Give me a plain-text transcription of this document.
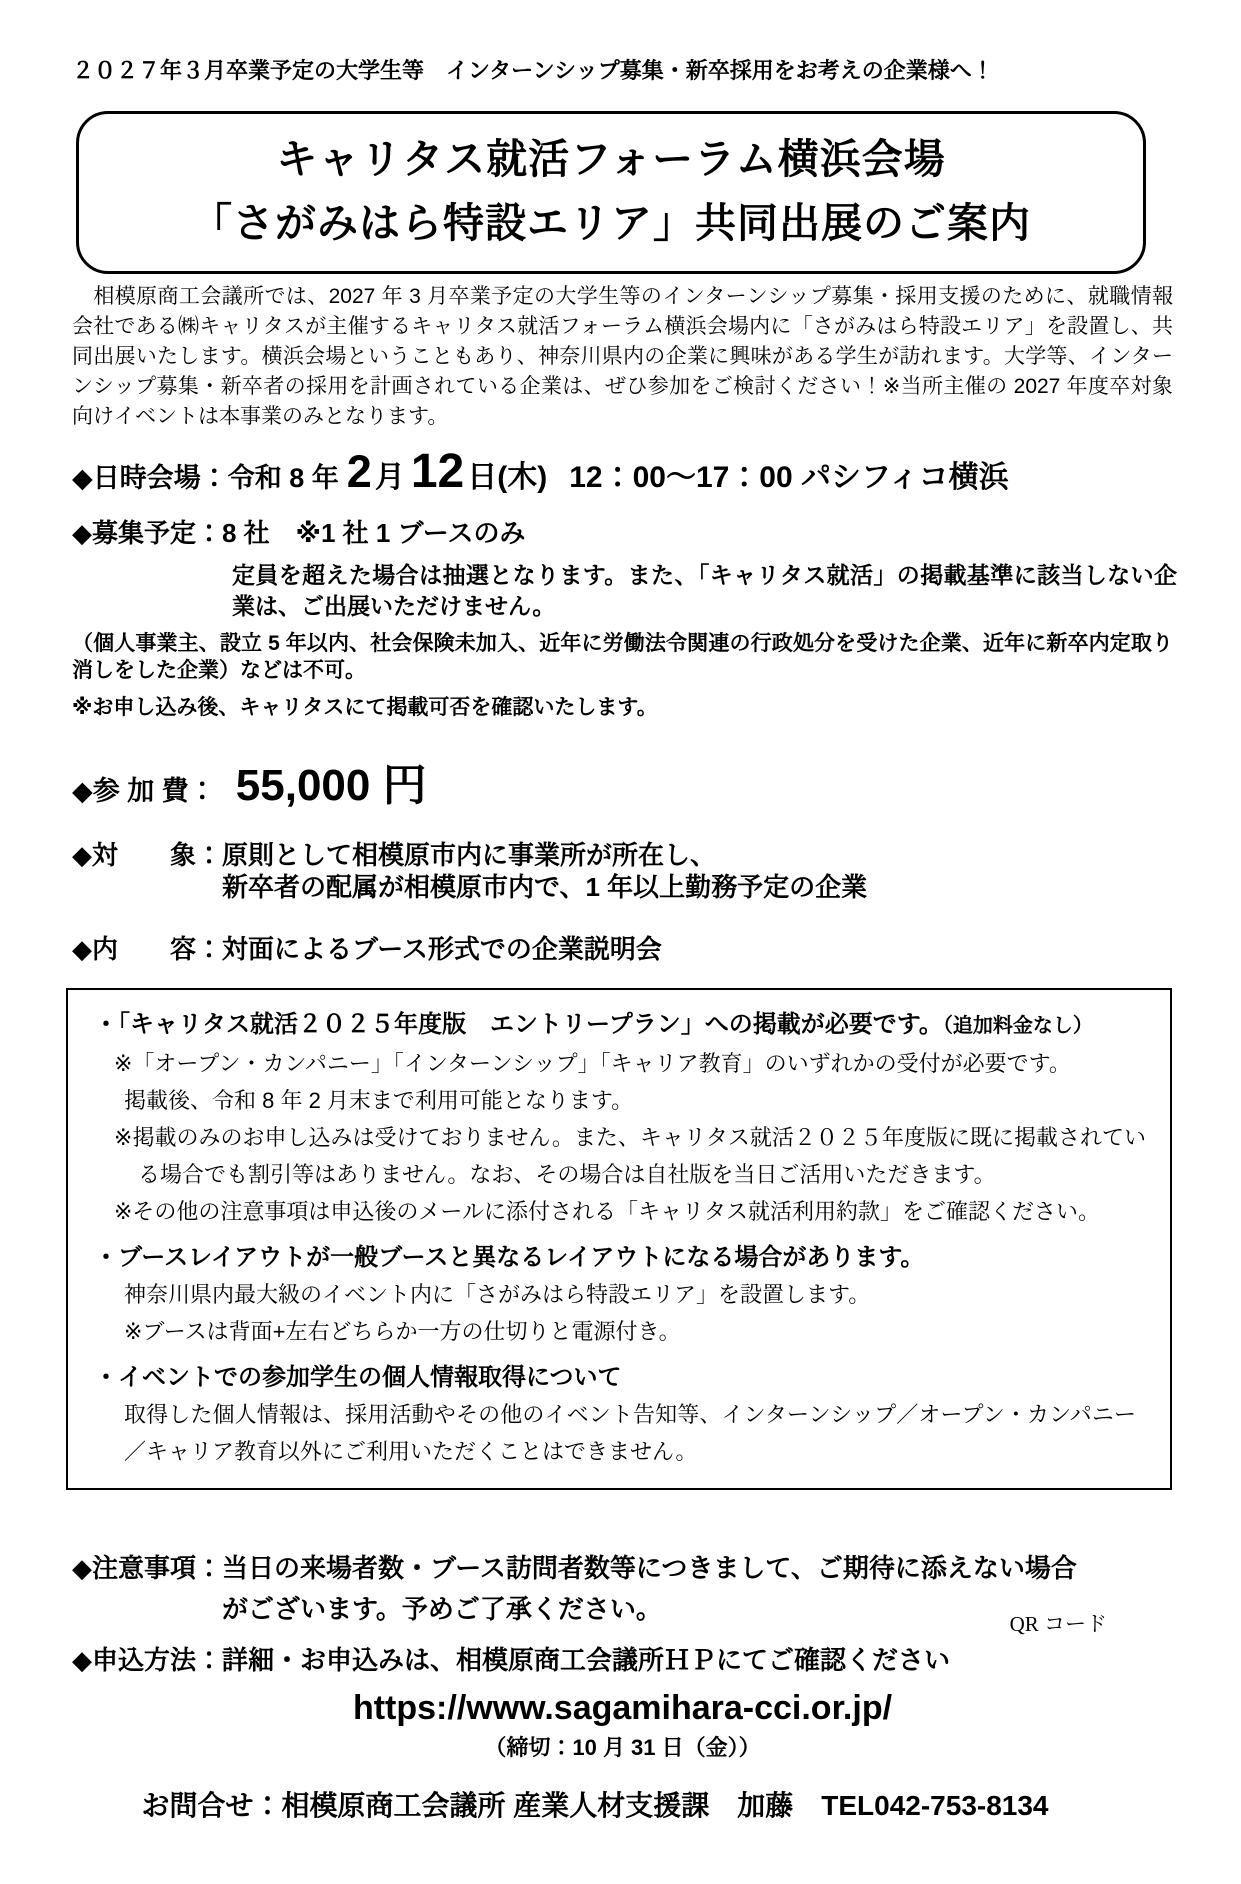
２０２７年３月卒業予定の大学生等　インターンシップ募集・新卒採用をお考えの企業様へ！

キャリタス就活フォーラム横浜会場
「さがみはら特設エリア」共同出展のご案内

　相模原商工会議所では、2027 年 3 月卒業予定の大学生等のインターンシップ募集・採用支援のために、就職情報会社である㈱キャリタスが主催するキャリタス就活フォーラム横浜会場内に「さがみはら特設エリア」を設置し、共同出展いたします。横浜会場ということもあり、神奈川県内の企業に興味がある学生が訪れます。大学等、インターンシップ募集・新卒者の採用を計画されている企業は、ぜひ参加をご検討ください！※当所主催の 2027 年度卒対象向けイベントは本事業のみとなります。

◆日時会場：令和 8 年 2 月 12 日(木) 12：00～17：00 パシフィコ横浜

◆募集予定：8 社　※1 社 1 ブースのみ

定員を超えた場合は抽選となります。また、「キャリタス就活」の掲載基準に該当しない企業は、ご出展いただけません。

（個人事業主、設立 5 年以内、社会保険未加入、近年に労働法令関連の行政処分を受けた企業、近年に新卒内定取り消しをした企業）などは不可。

※お申し込み後、キャリタスにて掲載可否を確認いたします。

◆参 加 費： 55,000 円
◆対　　象： 原則として相模原市内に事業所が所在し、
新卒者の配属が相模原市内で、1 年以上勤務予定の企業
◆内　　容： 対面によるブース形式での企業説明会

・「キャリタス就活２０２５年度版　エントリープラン」への掲載が必要です。（追加料金なし）

※「オープン・カンパニー」「インターンシップ」「キャリア教育」のいずれかの受付が必要です。

掲載後、令和 8 年 2 月末まで利用可能となります。

※掲載のみのお申し込みは受けておりません。また、キャリタス就活２０２５年度版に既に掲載されている場合でも割引等はありません。なお、その場合は自社版を当日ご活用いただきます。

※その他の注意事項は申込後のメールに添付される「キャリタス就活利用約款」をご確認ください。

・ブースレイアウトが一般ブースと異なるレイアウトになる場合があります。

神奈川県内最大級のイベント内に「さがみはら特設エリア」を設置します。

※ブースは背面+左右どちらか一方の仕切りと電源付き。

・イベントでの参加学生の個人情報取得について

取得した個人情報は、採用活動やその他のイベント告知等、インターンシップ／オープン・カンパニー／キャリア教育以外にご利用いただくことはできません。

◆注意事項： 当日の来場者数・ブース訪問者数等につきまして、ご期待に添えない場合がございます。予めご了承ください。	QR コード
◆申込方法： 詳細・お申込みは、相模原商工会議所ＨＰにてご確認ください

https://www.sagamihara-cci.or.jp/

（締切：10 月 31 日（金））

お問合せ：相模原商工会議所 産業人材支援課　加藤　TEL042-753-8134
